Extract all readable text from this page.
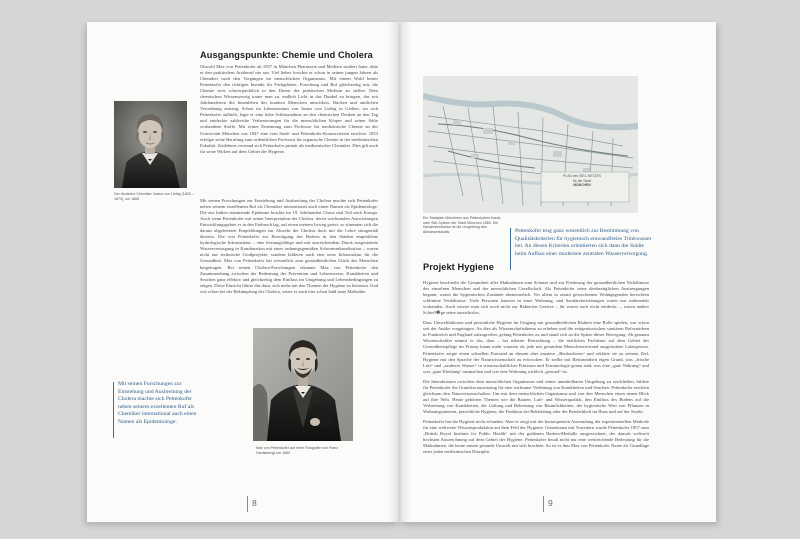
Ausgangspunkte: Chemie und Cholera

Der deutsche Chemiker Justus von Liebig (1803 – 1873), um 1865

Obwohl Max von Pettenkofer ab 1857 in München Pharmazie und Medizin studiert hatte, übte er den praktischen Arztberuf nie aus. Viel lieber forschte er schon in seinen jungen Jahren als Chemiker nach den Vorgängen im menschlichen Organismus. Mit einem Wohl bester Pettenkofer den richtigen Instinkt für Fachgebiete, Forschung und Ruf gleichzeitig mit, die Chemie stets schwerpunktlich in den Dienst der praktischen Medizin zu stellen. Dem chemischen Wissenszweig traute man zu, endlich Licht in das Dunkel zu bringen, das seit Jahrhunderten die Innenleben des kranken Menschen umschloss. Bücken und amtlichen Verordnung entrang, Schon im Laboratorium von Justus von Liebig in Gießen, wo sich Pettenkofer aufhielt, legte er eine hohe Schlussnahme an den chemischen Denken an den Tag und entdeckte zahlreiche Verbesserungen für die menschlichen Körper und seiner Säfte vorhandene Stoffe. Mit seiner Ernennung zum Professor für medizinische Chemie an der Universität München war 1847 eine vom Stadt- und Pettenkofer-Konservierten errichtet. 1853 erfolgte seine Berufung zum ordentlichen Professor für organische Chemie in der medizinischen Fakultät. Zeitlebens verstand sich Pettenkofer primär als medizinischer Chemiker. Dies gilt auch für seine Wirken auf dem Gebiet der Hygiene.

Mit seinen Forschungen zur Entstehung und Ausbreitung der Cholera machte sich Pettenkofer neben seinem exzellenten Ruf als Chemiker international auch einen Namen als Epidemiologe. Die aus Indien stammende Epidemie brachte im 19. Jahrhundert Chaos und Tod nach Europa. Auch wenn Pettenkofer mit seiner Interpretation der Cholera, deren wachsenden Auswirkungen Entwicklungsgebiet er in den Einbruch lag, auf einen meinen Irrweg geriet, so stimmten sich die daraus abgeleiteten Empfehlungen zur Abwehr der Cholera doch mit der Lehre sinngemäß überein. Die von Pettenkofer zur Beseitigung des Bodens in den Städten empfohlene hydrologische Infrastruktur – eine leistungsfähige und mit ausreichendem Druck ausgestattete Wasserversorgung in Kombination mit einer ordnungsgemäßen Schwemmkanalisation – waren nicht nur technische Großprojekte, sondern bildeten auch eine neue Infrastruktur für die Gesundheit. Max von Pettenkofer hat wesentlich zum gesundheitlichen Glück des Menschen beigetragen. Bei seinen Cholera-Forschungen erkannte Max von Pettenkofer den Zusammenhang zwischen der Bedeutung der Prävention und Lebensweise, Krankheiten und Seuchen ganz effektiv und gleichzeitig dem Einfluss im Umgebung und Lebensbedingungen zu zeigen. Diese Einsicht führte ihn dazu, sich mehr mit den Themen der Hygiene zu befassen. Und wie schon bei der Bekämpfung der Cholera, setzte er auch hier schon bald neue Maßstäbe.

Mit seinen Forschungen zur Entstehung und Ausbreitung der Cholera machte sich Pettenkofer neben seinem exzellenten Ruf als Chemiker international auch einen Namen als Epidemiologe.

Max von Pettenkofer auf einer Fotografie von Franz Hanfstaengl um 1860

8
PLAN des SIEL-NETZES
für die Stadt
MÜNCHEN

Ein Stadtplan Münchens aus Pettenkofers Kanal- oder Siel-System der Stadt München 1869. Die Kanalnetzstruktur ist die Umgebung des Abwasserkanals.	Pettenkofer trug ganz wesentlich zur Bestimmung von Qualitätskriterien für hygienisch einwandfreies Trinkwasser bei. An diesen Kriterien orientierten sich dann die Städte beim Aufbau einer modernen zentralen Wasserversorgung.

Projekt Hygiene

Hygiene beschreibt die Gesamtheit aller Maßnahmen zum Schutze und zur Förderung der gesundheitlichen Verhältnisse des einzelnen Menschen und der menschlichen Gesellschaft. Als Pettenkofer seine diesbezüglichen Anstrengungen begann, waren die hygienischen Zustände abenteuerlich. Vor allem in rasant gewachsenen Wohngegenden herrschten schlimme Verhältnisse. Viele Personen hausten in einer Wohnung, und Sanitäreinrichtungen waren nur rudimentär vorhanden. Auch wusste man sich noch nicht zur Bakterien Gesetze – ihr waren auch nicht entdeckt –, waren andere Schiefl�ge seine aussichtslos.

Dass Umweltfaktoren und persönliche Hygiene im Umgang mit gesundheitlichen Risiken eine Rolle spielen, war schon seit der Antike vorgetragen. An dies als Wissenschaftsthema zu erheben und die zeitgenössischen sanitären Reformideen in Frankreich und England aufzugreifen, gelang Pettenkofer zu und stand sich an die Spitze dieser Bewegung. Ab genannt Wissenschaftler nimmt er das, dass – bei näherer Betrachtung – die ärztlichen Fachleute auf dem Gebiet der Gesundheitspflege im Prinzip kaum mehr wussten als jede mit gesundem Menschenverstand ausgestattete Laienperson. Pettenkofer zeigte einen schnellen Einwand an diesem eher amateur „Beobachtens“ und erklärte sie zu seinem Ziel, Hygiene mit den Sprache der Naturwissenschaft zu erforschen. Er stellte mit Bestimmtheit eigen Grund, was „frische Luft“ und „sauberes Wasser“ in wissenschaftlicher Präzision und Terminologie genau sind, was eine „gute Nahrung“ und was „gute Kleidung“ ausmachen und wie eine Wohnung wirklich „gesund“ ist.

Die Interaktionen zwischen dem menschlichen Organismus und seiner unmittelbaren Umgebung zu erschließen, bildete für Pettenkofer die Grundvoraussetzung für eine wirksame Verhütung von Krankheiten und Seuchen. Pettenkofer erschien gleichsam den Naturwissenschaften. Um mit dem menschlichen Organismus und von den Menschen einen neuen Blick auf ihre Welt. Heute gehörten Themen wie die Bauten, Luft- und Wasserqualität, den Einfluss des Bodens auf die Verbreitung von Krankheiten, die Lüftung und Beheizung von Räumlichkeiten, der hygienische Wert von Pflanzen in Wohnungsinneren, persönliche Hygiene, die Funktion der Bekleidung oder die Reinlichkeit im Haus und auf der Straße.

Pettenkofer hat die Hygiene nicht erfunden. Aber er zeigt mit der konsequenten Anwendung der experimentellen Methode für eine weltweite Wissensproduktion auf dem Feld der Hygiene. Gemeinsam mit Vorreitern wurde Pettenkofer 1857 zum „British Royal Institute for Public Health“ mit der goldenen Harben-Medaille ausgezeichnet, der damals weltweit höchsten Auszeichnung auf dem Gebiet der Hygiene. Pettenkofer besaß nicht nur eine weitreichende Bedeutung für die Maßnahmen, die heute unsere gesunde Umwelt mit sich brachten. So ist es ihm Max von Pettenkofer Name als Grundlage einer jeden medizinischen Disziplin.

9
